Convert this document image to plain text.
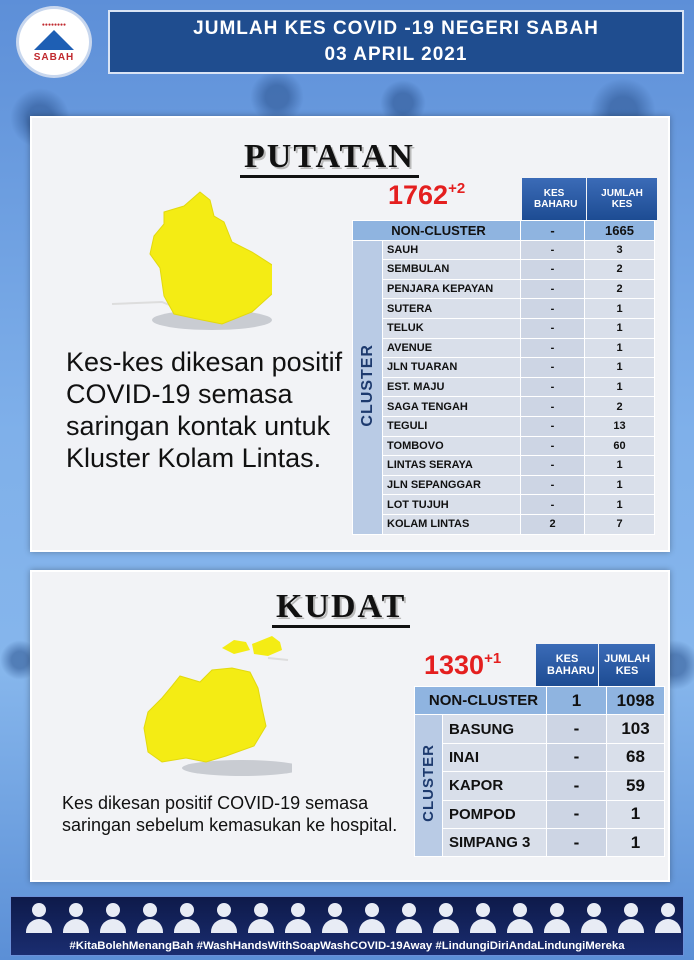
●●●●●●●●
SABAH
JUMLAH KES COVID -19 NEGERI SABAH
03 APRIL 2021
PUTATAN
$1762^{+2}$	KES BAHARU
JUMLAH KES
NON-CLUSTER		-	1665
CLUSTER	SAUH	-	3
	SEMBULAN	-	2
	PENJARA KEPAYAN	-	2
	SUTERA	-	1
	TELUK	-	1
	AVENUE	-	1
	JLN TUARAN	-	1
	EST. MAJU	-	1
	SAGA TENGAH	-	2
	TEGULI	-	13
	TOMBOVO	-	60
	LINTAS SERAYA	-	1
	JLN SEPANGGAR	-	1
	LOT TUJUH	-	1
	KOLAM LINTAS	2	7
Kes-kes dikesan positif COVID-19 semasa saringan kontak untuk Kluster Kolam Lintas.
KUDAT
$1330^{+1}$	KES BAHARU
JUMLAH KES
NON-CLUSTER		1	1098
CLUSTER	BASUNG	-	103
	INAI	-	68
	KAPOR	-	59
	POMPOD	-	1
	SIMPANG 3	-	1
Kes dikesan positif COVID-19 semasa saringan sebelum kemasukan ke hospital.
#KitaBolehMenangBah #WashHandsWithSoapWashCOVID-19Away #LindungiDiriAndaLindungiMereka
